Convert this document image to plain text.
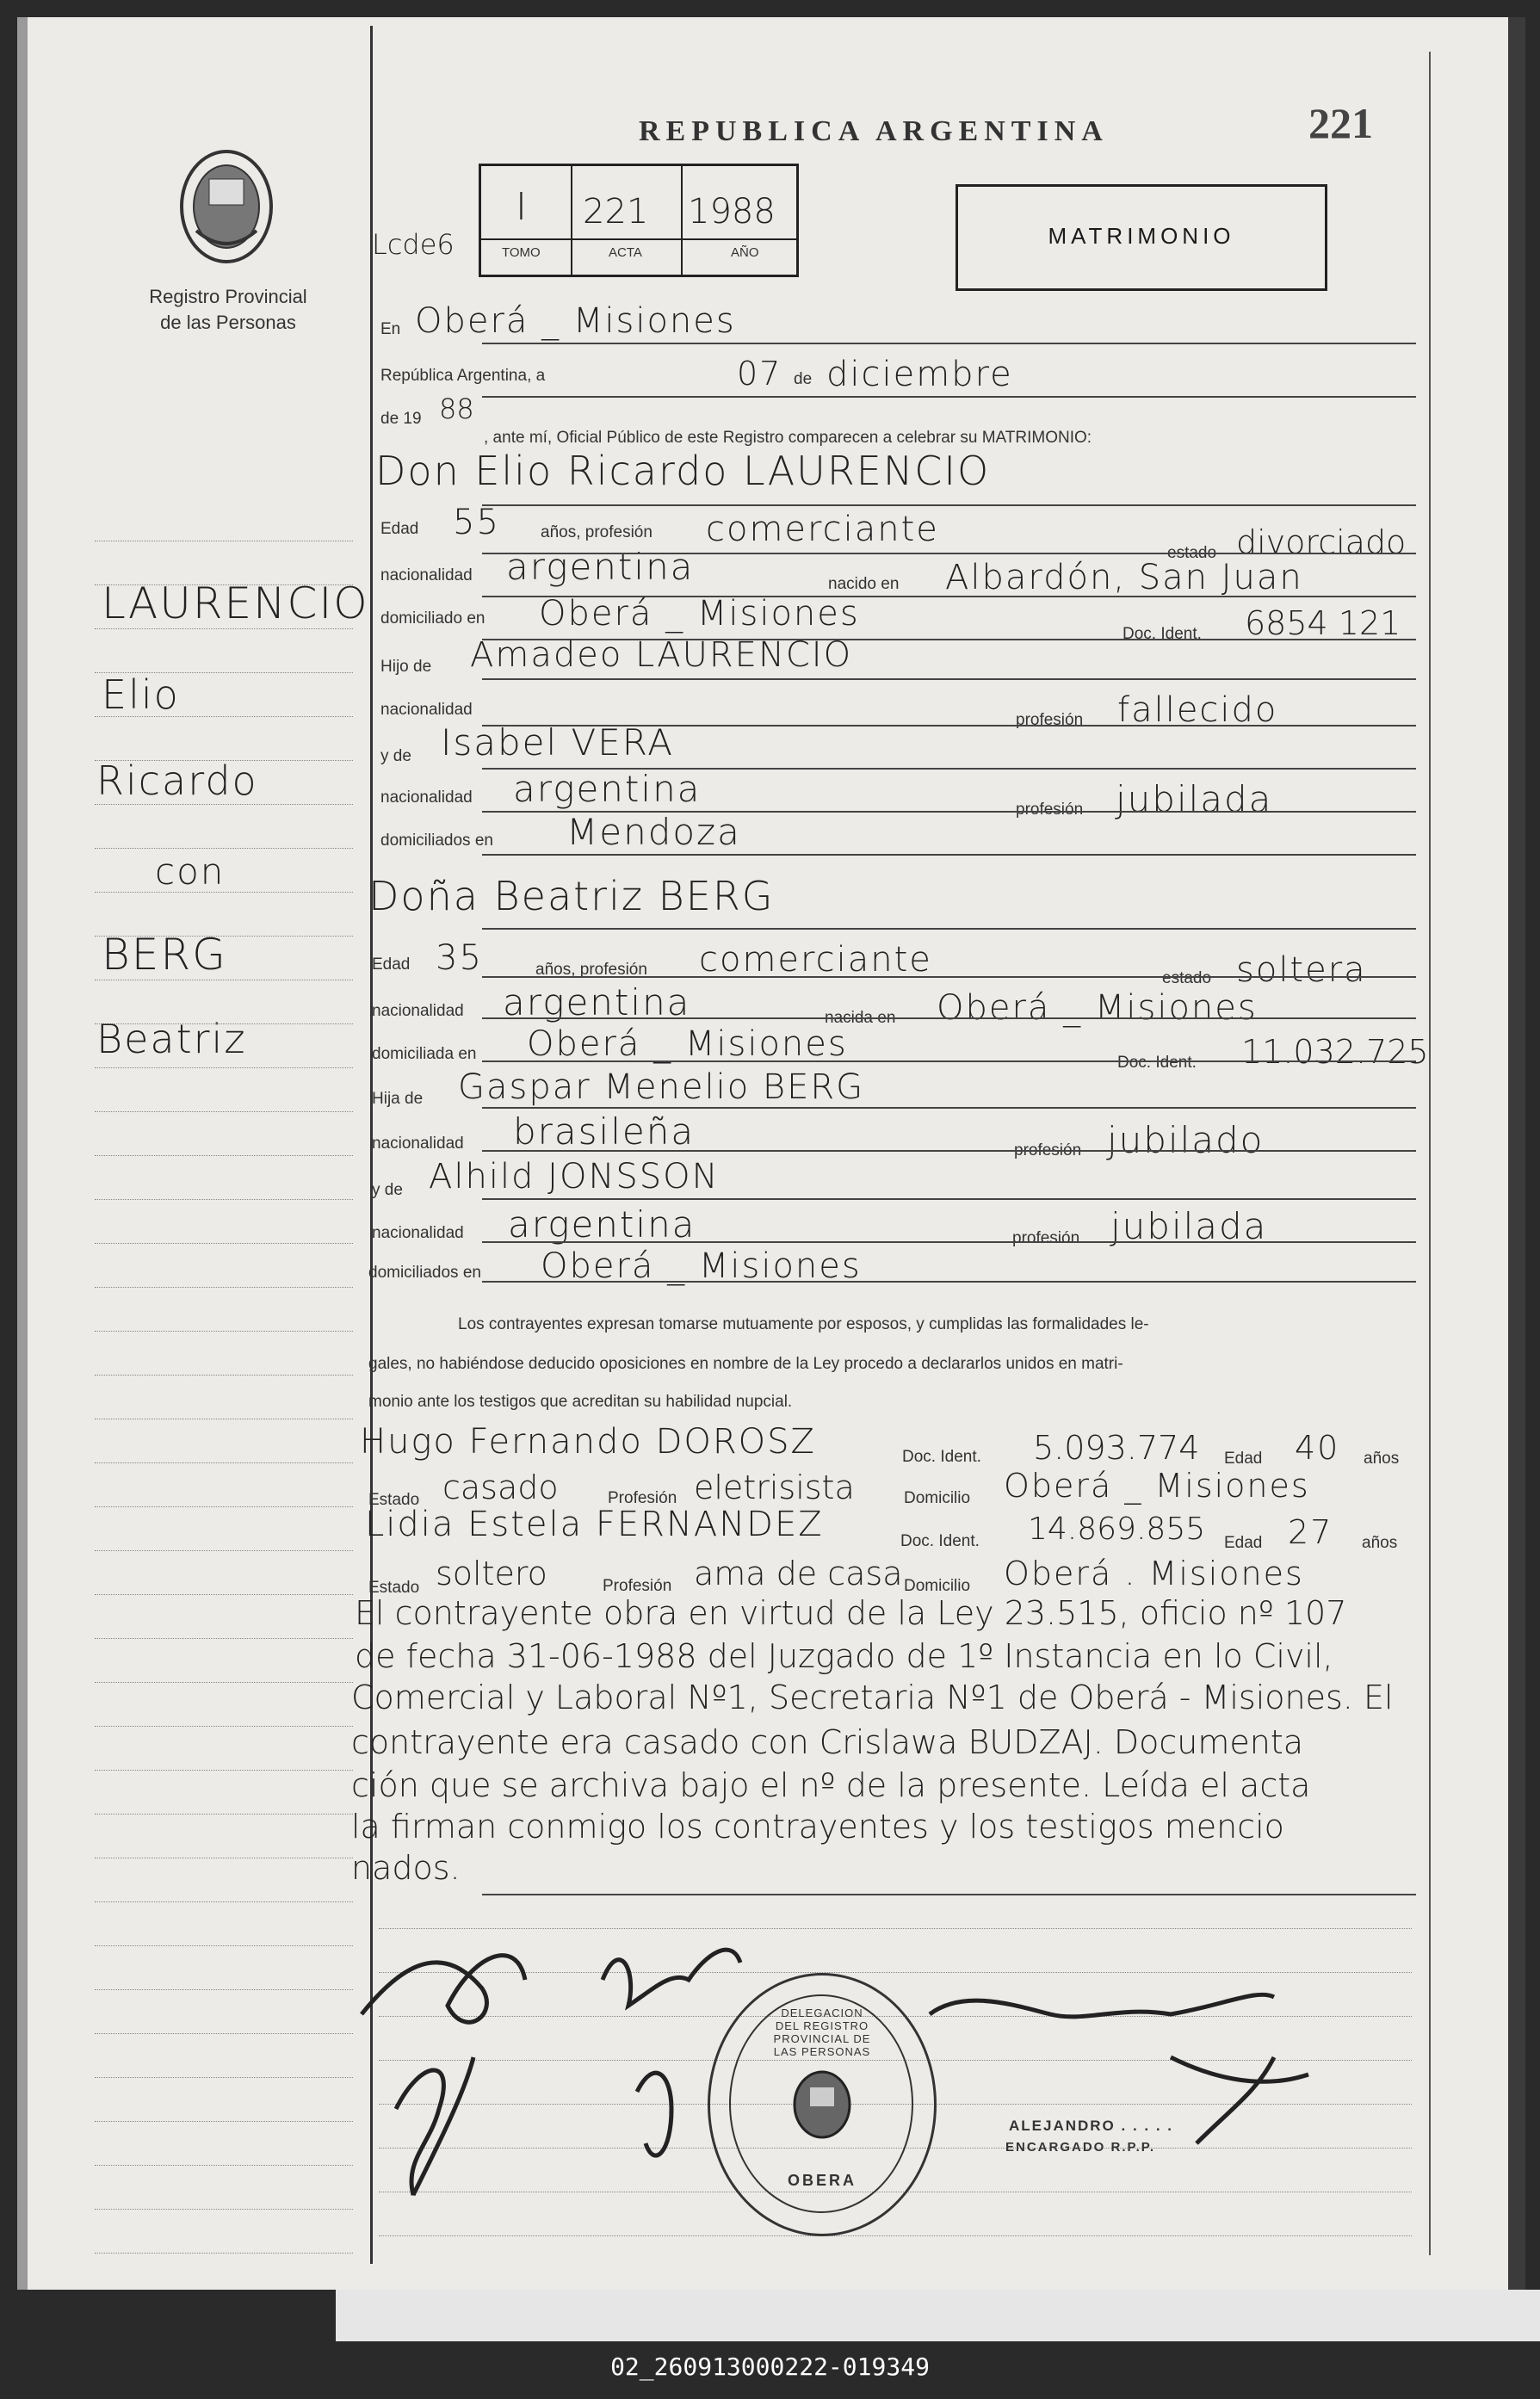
Registro Provincial
de las Personas
LAURENCIO
Elio
Ricardo
con
BERG
Beatriz
REPUBLICA ARGENTINA	221
Lcde6
I 221 1988
TOMO	ACTA	AÑO
MATRIMONIO
En Oberá _ Misiones
República Argentina, a	07 de diciembre
de 19 88
, ante mí, Oficial Público de este Registro comparecen a celebrar su MATRIMONIO:
Don Elio Ricardo LAURENCIO
Edad 55 años, profesión comerciante
estado divorciado
nacionalidad argentina	nacido en Albardón, San Juan
domiciliado en Oberá _ Misiones
Doc. Ident. 6854 121
Hijo de Amadeo LAURENCIO
nacionalidad
profesión fallecido
y de Isabel VERA
nacionalidad argentina	profesión jubilada
domiciliados en Mendoza
Doña Beatriz BERG
Edad 35	años, profesión comerciante	estado soltera
nacionalidad argentina	nacida en Oberá _ Misiones
domiciliada en Oberá _ Misiones	Doc. Ident. 11.032.725
Hija de Gaspar Menelio BERG
nacionalidad brasileña	profesión jubilado
y de Alhild JONSSON
nacionalidad argentina	profesión jubilada
domiciliados en Oberá _ Misiones
Los contrayentes expresan tomarse mutuamente por esposos, y cumplidas las formalidades le-
gales, no habiéndose deducido oposiciones en nombre de la Ley procedo a declararlos unidos en matri-
monio ante los testigos que acreditan su habilidad nupcial.
Hugo Fernando DOROSZ	Doc. Ident. 5.093.774 Edad 40 años
Estado casado	Profesión eletrisista	Domicilio Oberá _ Misiones
Lidia Estela FERNANDEZ	Doc. Ident. 14.869.855 Edad 27 años
Estado soltero	Profesión ama de casa Domicilio Oberá . Misiones
El contrayente obra en virtud de la Ley 23.515, oficio nº 107
de fecha 31-06-1988 del Juzgado de 1º Instancia en lo Civil,
Comercial y Laboral Nº1, Secretaria Nº1 de Oberá - Misiones. El
contrayente era casado con Crislawa BUDZAJ. Documenta
ción que se archiva bajo el nº de la presente. Leída el acta
la firman conmigo los contrayentes y los testigos mencio
nados.
DELEGACION DEL REGISTRO PROVINCIAL DE LAS PERSONAS
OBERA
ALEJANDRO . . . . .
ENCARGADO R.P.P.
02_260913000222-019349
